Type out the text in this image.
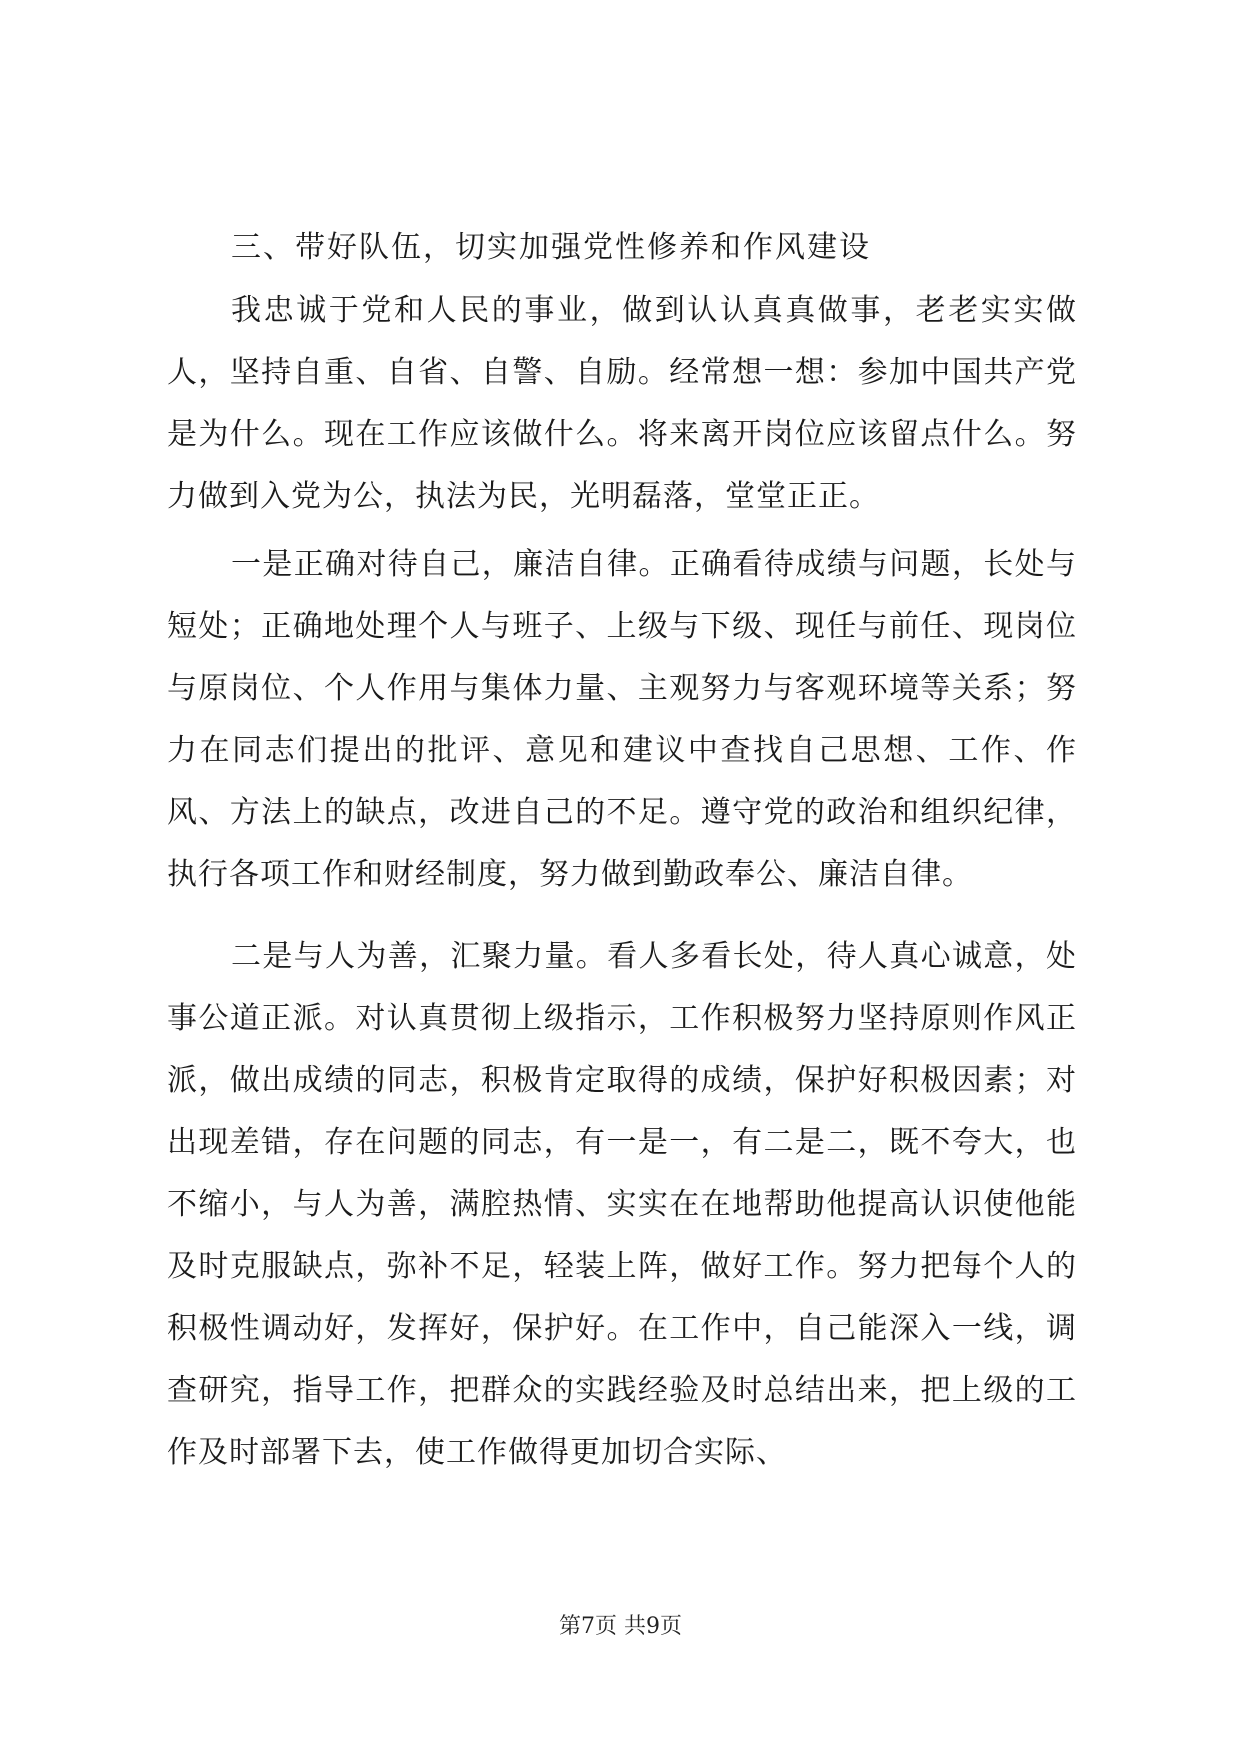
三、带好队伍，切实加强党性修养和作风建设

我忠诚于党和人民的事业，做到认认真真做事，老老实实做人，坚持自重、自省、自警、自励。经常想一想：参加中国共产党是为什么。现在工作应该做什么。将来离开岗位应该留点什么。努力做到入党为公，执法为民，光明磊落，堂堂正正。

一是正确对待自己，廉洁自律。正确看待成绩与问题，长处与短处；正确地处理个人与班子、上级与下级、现任与前任、现岗位与原岗位、个人作用与集体力量、主观努力与客观环境等关系；努力在同志们提出的批评、意见和建议中查找自己思想、工作、作风、方法上的缺点，改进自己的不足。遵守党的政治和组织纪律，执行各项工作和财经制度，努力做到勤政奉公、廉洁自律。

二是与人为善，汇聚力量。看人多看长处，待人真心诚意，处事公道正派。对认真贯彻上级指示，工作积极努力坚持原则作风正派，做出成绩的同志，积极肯定取得的成绩，保护好积极因素；对出现差错，存在问题的同志，有一是一，有二是二，既不夸大，也不缩小，与人为善，满腔热情、实实在在地帮助他提高认识使他能及时克服缺点，弥补不足，轻装上阵，做好工作。努力把每个人的积极性调动好，发挥好，保护好。在工作中，自己能深入一线，调查研究，指导工作，把群众的实践经验及时总结出来，把上级的工作及时部署下去，使工作做得更加切合实际、

第7页 共9页
